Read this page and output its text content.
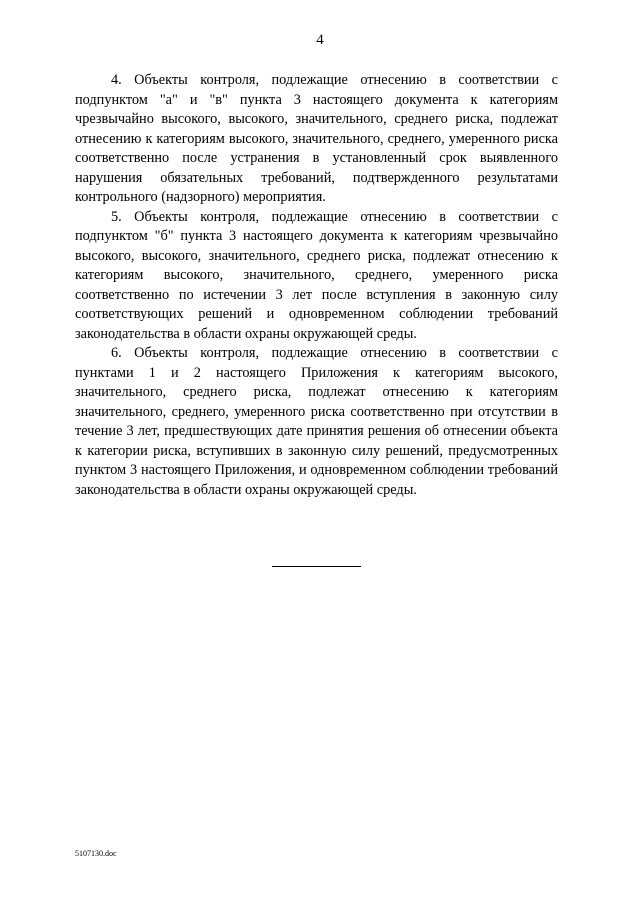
4

4. Объекты контроля, подлежащие отнесению в соответствии с подпунктом "а" и "в" пункта 3 настоящего документа к категориям чрезвычайно высокого, высокого, значительного, среднего риска, подлежат отнесению к категориям высокого, значительного, среднего, умеренного риска соответственно после устранения в установленный срок выявленного нарушения обязательных требований, подтвержденного результатами контрольного (надзорного) мероприятия.

5. Объекты контроля, подлежащие отнесению в соответствии с подпунктом "б" пункта 3 настоящего документа к категориям чрезвычайно высокого, высокого, значительного, среднего риска, подлежат отнесению к категориям высокого, значительного, среднего, умеренного риска соответственно по истечении 3 лет после вступления в законную силу соответствующих решений и одновременном соблюдении требований законодательства в области охраны окружающей среды.

6. Объекты контроля, подлежащие отнесению в соответствии с пунктами 1 и 2 настоящего Приложения к категориям высокого, значительного, среднего риска, подлежат отнесению к категориям значительного, среднего, умеренного риска соответственно при отсутствии в течение 3 лет, предшествующих дате принятия решения об отнесении объекта к категории риска, вступивших в законную силу решений, предусмотренных пунктом 3 настоящего Приложения, и одновременном соблюдении требований законодательства в области охраны окружающей среды.

5107130.doc
